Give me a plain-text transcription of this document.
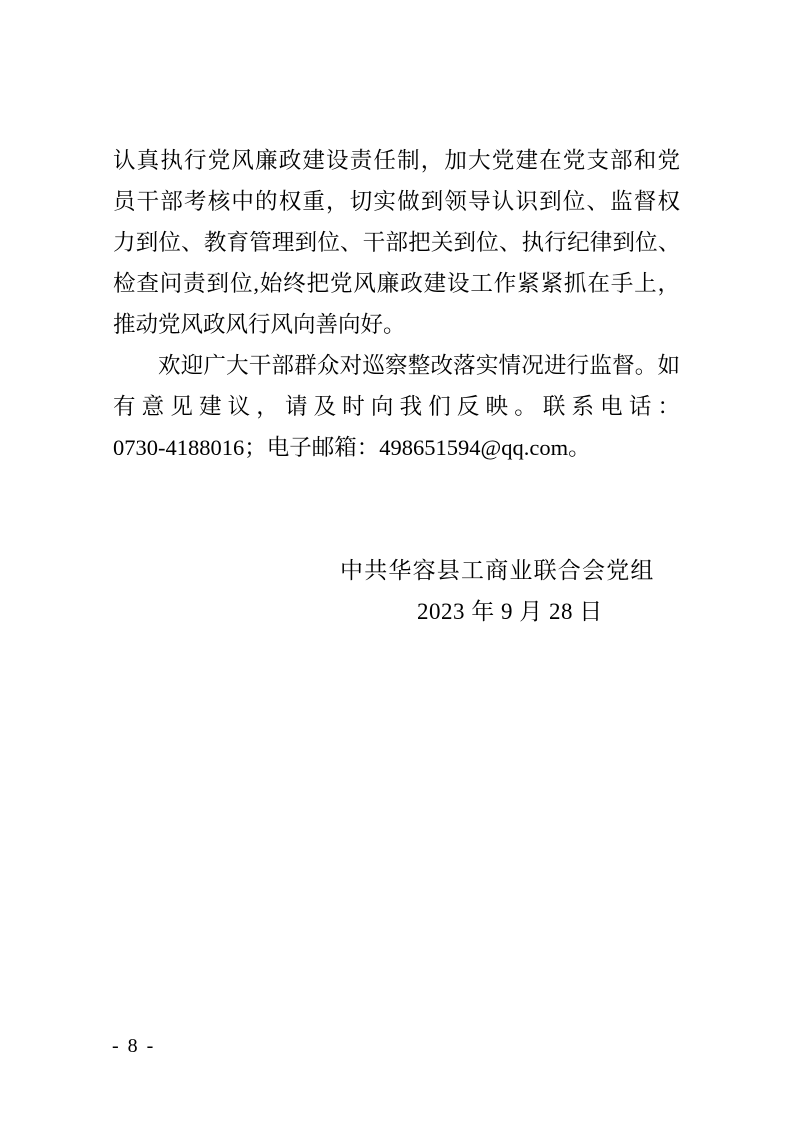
认真执行党风廉政建设责任制，加大党建在党支部和党
员干部考核中的权重，切实做到领导认识到位、监督权
力到位、教育管理到位、干部把关到位、执行纪律到位、
检查问责到位,始终把党风廉政建设工作紧紧抓在手上，
推动党风政风行风向善向好。
欢迎广大干部群众对巡察整改落实情况进行监督。如
有意见建议，请及时向我们反映。联系电话：
0730-4188016；电子邮箱：498651594@qq.com。
中共华容县工商业联合会党组
2023 年 9 月 28 日
- 8 -
